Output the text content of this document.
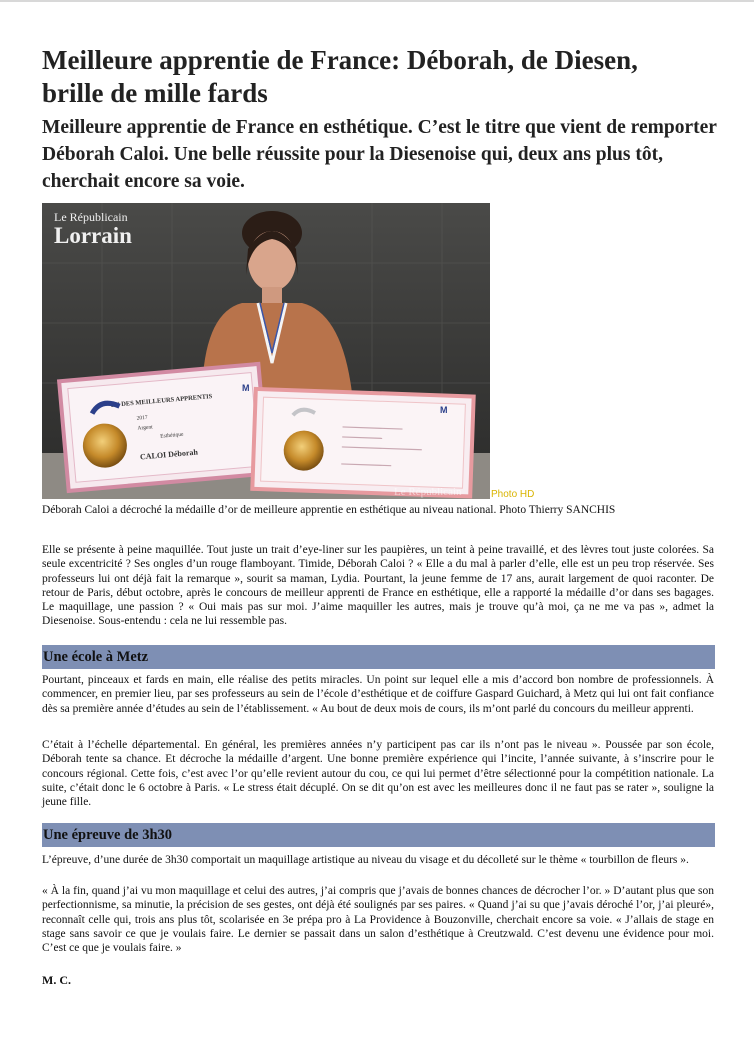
Meilleure apprentie de France: Déborah, de Diesen, brille de mille fards
Meilleure apprentie de France en esthétique. C’est le titre que vient de remporter Déborah Caloi. Une belle réussite pour la Diesenoise qui, deux ans plus tôt, cherchait encore sa voie.
UN DES MEILLEURS APPRENTIS
2017
Argent
Esthétique
CALOI Déborah
M
M
Le Républicain
Lorrain
Le Républicain	Photo HD

Déborah Caloi a décroché la médaille d’or de meilleure apprentie en esthétique au niveau national. Photo Thierry SANCHIS

Elle se présente à peine maquillée. Tout juste un trait d’eye-liner sur les paupières, un teint à peine travaillé, et des lèvres tout juste colorées. Sa seule excentricité ? Ses ongles d’un rouge flamboyant. Timide, Déborah Caloi ? « Elle a du mal à parler d’elle, elle est un peu trop réservée. Ses professeurs lui ont déjà fait la remarque », sourit sa maman, Lydia. Pourtant, la jeune femme de 17 ans, aurait largement de quoi raconter. De retour de Paris, début octobre, après le concours de meilleur apprenti de France en esthétique, elle a rapporté la médaille d’or dans ses bagages. Le maquillage, une passion ? « Oui mais pas sur moi. J’aime maquiller les autres, mais je trouve qu’à moi, ça ne me va pas », admet la Diesenoise. Sous-entendu : cela ne lui ressemble pas.

Une école à Metz

Pourtant, pinceaux et fards en main, elle réalise des petits miracles. Un point sur lequel elle a mis d’accord bon nombre de professionnels. À commencer, en premier lieu, par ses professeurs au sein de l’école d’esthétique et de coiffure Gaspard Guichard, à Metz qui lui ont fait confiance dès sa première année d’études au sein de l’établissement. « Au bout de deux mois de cours, ils m’ont parlé du concours du meilleur apprenti.

C’était à l’échelle départemental. En général, les premières années n’y participent pas car ils n’ont pas le niveau ». Poussée par son école, Déborah tente sa chance. Et décroche la médaille d’argent. Une bonne première expérience qui l’incite, l’année suivante, à s’inscrire pour le concours régional. Cette fois, c’est avec l’or qu’elle revient autour du cou, ce qui lui permet d’être sélectionné pour la compétition nationale. La suite, c’était donc le 6 octobre à Paris. « Le stress était décuplé. On se dit qu’on est avec les meilleures donc il ne faut pas se rater », souligne la jeune fille.

Une épreuve de 3h30

L’épreuve, d’une durée de 3h30 comportait un maquillage artistique au niveau du visage et du décolleté sur le thème « tourbillon de fleurs ».

« À la fin, quand j’ai vu mon maquillage et celui des autres, j’ai compris que j’avais de bonnes chances de décrocher l’or. » D’autant plus que son perfectionnisme, sa minutie, la précision de ses gestes, ont déjà été soulignés par ses paires. « Quand j’ai su que j’avais déroché l’or, j’ai pleuré», reconnaît celle qui, trois ans plus tôt, scolarisée en 3e prépa pro à La Providence à Bouzonville, cherchait encore sa voie. « J’allais de stage en stage sans savoir ce que je voulais faire. Le dernier se passait dans un salon d’esthétique à Creutzwald. C’est devenu une évidence pour moi. C’est ce que je voulais faire. »

M. C.
